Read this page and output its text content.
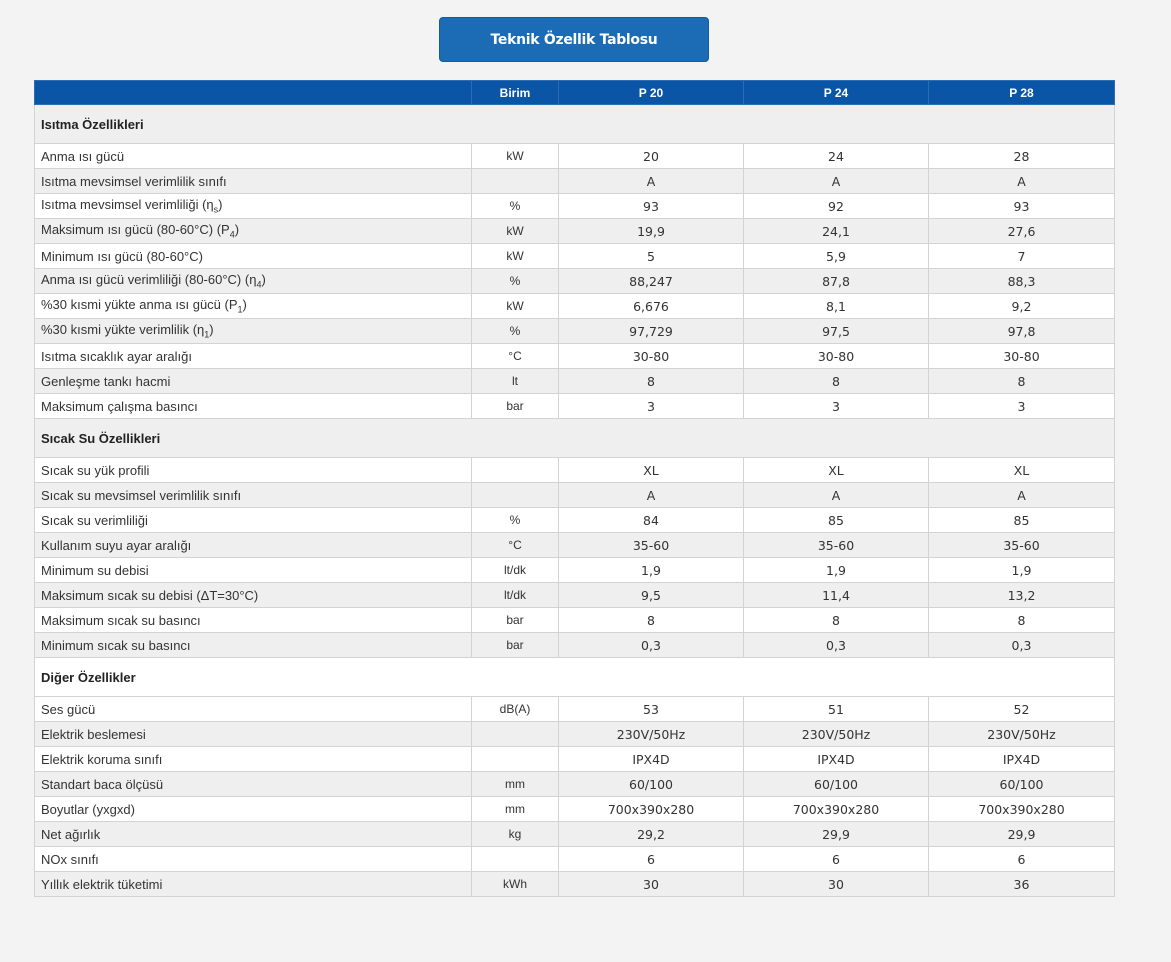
Teknik Özellik Tablosu
	Birim	P 20	P 24	P 28
Isıtma Özellikleri				
Anma ısı gücü	kW	20	24	28
Isıtma mevsimsel verimlilik sınıfı		A	A	A
Isıtma mevsimsel verimliliği $(\eta_s)$	%	93	92	93
Maksimum ısı gücü (80-60°C) $(P_4)$	kW	19,9	24,1	27,6
Minimum ısı gücü (80-60°C)	kW	5	5,9	7
Anma ısı gücü verimliliği (80-60°C) $(\eta_4)$	%	88,247	87,8	88,3
%30 kısmi yükte anma ısı gücü $(P_1)$	kW	6,676	8,1	9,2
%30 kısmi yükte verimlilik $(\eta_1)$	%	97,729	97,5	97,8
Isıtma sıcaklık ayar aralığı	°C	30-80	30-80	30-80
Genleşme tankı hacmi	lt	8	8	8
Maksimum çalışma basıncı	bar	3	3	3
Sıcak Su Özellikleri				
Sıcak su yük profili		XL	XL	XL
Sıcak su mevsimsel verimlilik sınıfı		A	A	A
Sıcak su verimliliği	%	84	85	85
Kullanım suyu ayar aralığı	°C	35-60	35-60	35-60
Minimum su debisi	lt/dk	1,9	1,9	1,9
Maksimum sıcak su debisi (ΔT=30°C)	lt/dk	9,5	11,4	13,2
Maksimum sıcak su basıncı	bar	8	8	8
Minimum sıcak su basıncı	bar	0,3	0,3	0,3
Diğer Özellikler				
Ses gücü	dB(A)	53	51	52
Elektrik beslemesi		230V/50Hz	230V/50Hz	230V/50Hz
Elektrik koruma sınıfı		IPX4D	IPX4D	IPX4D
Standart baca ölçüsü	mm	60/100	60/100	60/100
Boyutlar (yxgxd)	mm	700x390x280	700x390x280	700x390x280
Net ağırlık	kg	29,2	29,9	29,9
NOx sınıfı		6	6	6
Yıllık elektrik tüketimi	kWh	30	30	36
